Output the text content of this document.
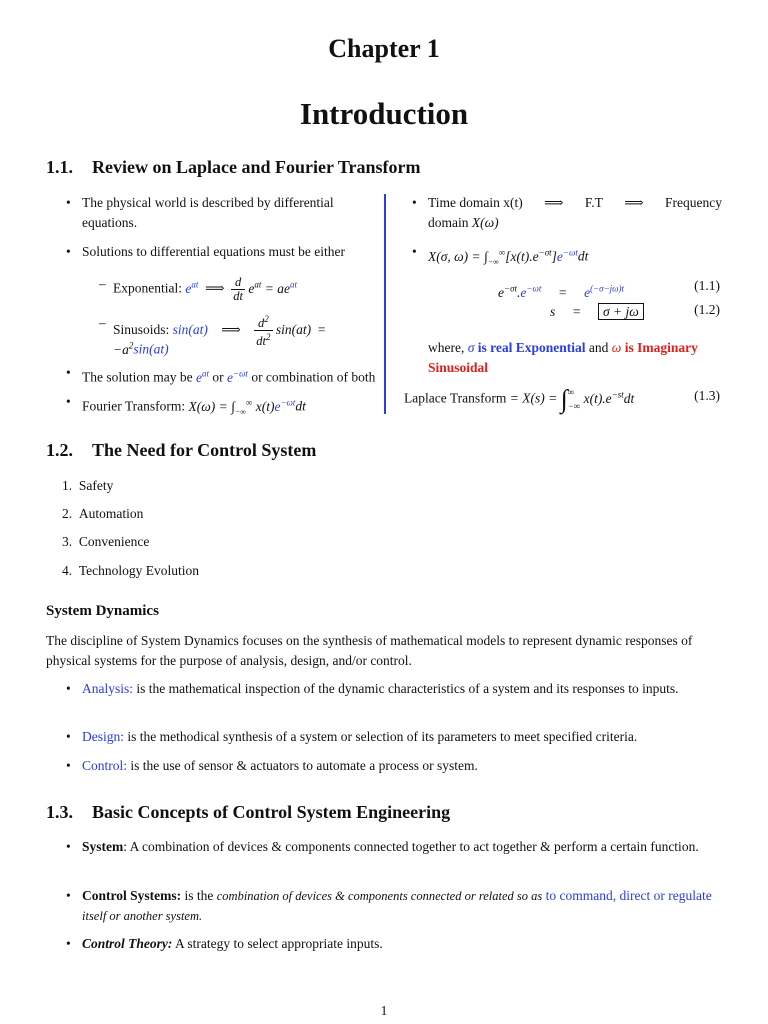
Chapter 1
Introduction
1.1. Review on Laplace and Fourier Transform
• The physical world is described by differential equations.
• Solutions to differential equations must be either
– Exponential: $e^{at}$  ⟹ $\frac{d}{dt} e^{at} = ae^{at}$
– Sinusoids: sin(at)    ⟹ $\frac{d^2}{dt^2} \sin(at)$  =
$-a^2\sin(at)$
• The solution may be $e^{at}$ or $e^{-\omega t}$ or combination of both
• Fourier Transform: $X(\omega) = \int_{-\infty}^\infty$ $x(t)e^{-\omega t}dt$
• Time domain x(t) ⟹ F.T ⟹ Frequency
domain X(ω)
• X(σ, $\omega) = \int_{-\infty}^\infty[x(t).e^{-\sigma t}]e^{-\omega t}dt$
$e^{-\sigma t}.e^{-\omega t} = e^{(-\sigma-j\omega)t}$	(1.1)
s = σ + jω	(1.2)
where, σ is real Exponential and ω is Imaginary
Sinusoidal
Laplace Transform = X(s) = ∫∞
−∞ $x(t).e^{-st}dt$	(1.3)
1.2. The Need for Control System
1.  Safety
2.  Automation
3.  Convenience
4.  Technology Evolution
System Dynamics
The discipline of System Dynamics focuses on the synthesis of mathematical models to represent dynamic responses of physical systems for the purpose of analysis, design, and/or control.
• Analysis: is the mathematical inspection of the dynamic characteristics of a system and its responses to inputs.
• Design: is the methodical synthesis of a system or selection of its parameters to meet specified criteria.
• Control: is the use of sensor & actuators to automate a process or system.
1.3. Basic Concepts of Control System Engineering
• System: A combination of devices & components connected together to act together & perform a certain function.
• Control Systems: is the combination of devices & components connected or related so as to command, direct or regulate itself or another system.
• Control Theory: A strategy to select appropriate inputs.
1
